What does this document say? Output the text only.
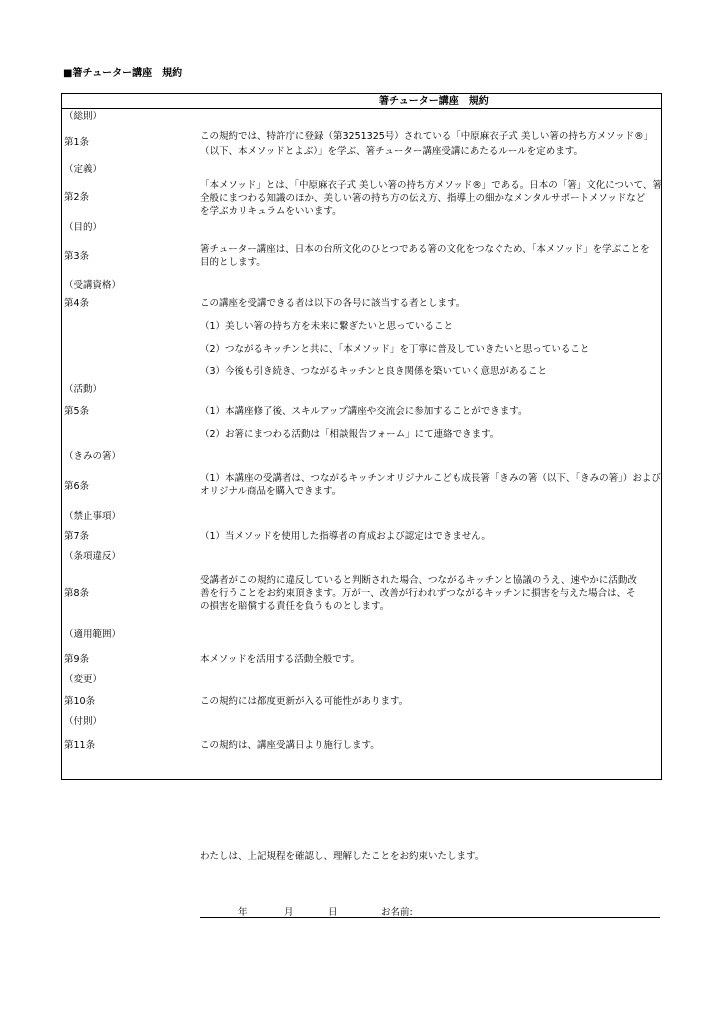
■箸チューター講座　規約
箸チューター講座　規約
（総則）
第1条
この規約では、特許庁に登録（第3251325号）されている「中原麻衣子式 美しい箸の持ち方メソッド®」
（以下、本メソッドとよぶ）」を学ぶ、箸チューター講座受講にあたるルールを定めます。
（定義）
第2条
「本メソッド」とは、「中原麻衣子式 美しい箸の持ち方メソッド®」である。日本の「箸」文化について、箸
全般にまつわる知識のほか、美しい箸の持ち方の伝え方、指導上の細かなメンタルサポートメソッドなど
を学ぶカリキュラムをいいます。
（目的）
第3条
箸チューター講座は、日本の台所文化のひとつである箸の文化をつなぐため、「本メソッド」を学ぶことを
目的とします。
（受講資格）
第4条	この講座を受講できる者は以下の各号に該当する者とします。
（1）美しい箸の持ち方を未来に繋ぎたいと思っていること
（2）つながるキッチンと共に、「本メソッド」を丁寧に普及していきたいと思っていること
（3）今後も引き続き、つながるキッチンと良き関係を築いていく意思があること
（活動）
第5条	（1）本講座修了後、スキルアップ講座や交流会に参加することができます。
（2）お箸にまつわる活動は「相談報告フォーム」にて連絡できます。
（きみの箸）
第6条
（1）本講座の受講者は、つながるキッチンオリジナルこども成長箸「きみの箸（以下、「きみの箸」）および
オリジナル商品を購入できます。
（禁止事項）
第7条	（1）当メソッドを使用した指導者の育成および認定はできません。
（条項違反）
第8条
受講者がこの規約に違反していると判断された場合、つながるキッチンと協議のうえ、速やかに活動改
善を行うことをお約束頂きます。万が一、改善が行われずつながるキッチンに損害を与えた場合は、そ
の損害を賠償する責任を負うものとします。
（適用範囲）
第9条	本メソッドを活用する活動全般です。
（変更）
第10条	この規約には都度更新が入る可能性があります。
（付則）
第11条	この規約は、講座受講日より施行します。
わたしは、上記規程を確認し、理解したことをお約束いたします。
年	月	日	お名前:
